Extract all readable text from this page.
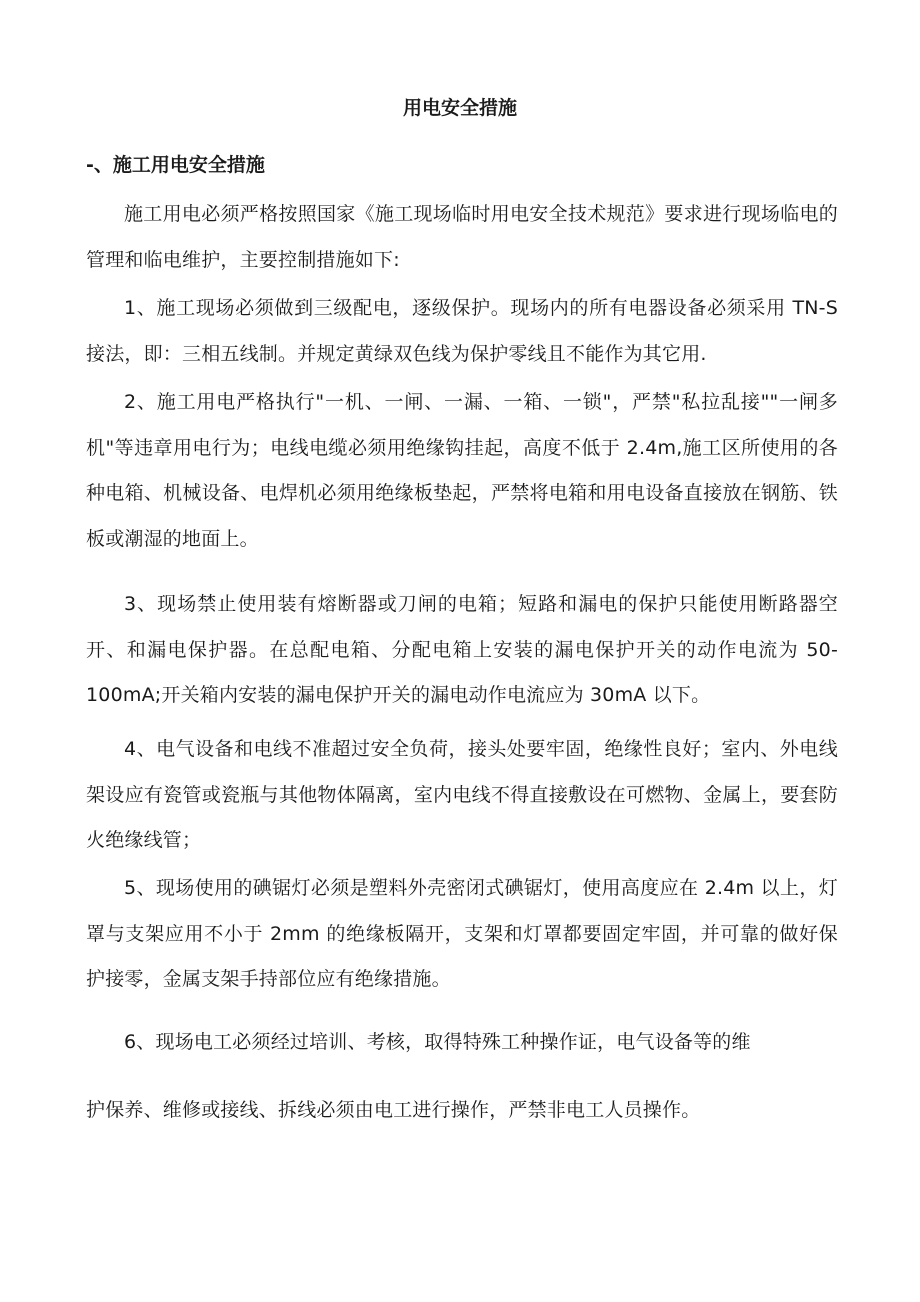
用电安全措施
-、施工用电安全措施

施工用电必须严格按照国家《施工现场临时用电安全技术规范》要求进行现场临电的管理和临电维护，主要控制措施如下:

1、施工现场必须做到三级配电，逐级保护。现场内的所有电器设备必须采用 TN-S 接法，即：三相五线制。并规定黄绿双色线为保护零线且不能作为其它用.

2、施工用电严格执行"一机、一闸、一漏、一箱、一锁"，严禁"私拉乱接""一闸多机"等违章用电行为；电线电缆必须用绝缘钩挂起，高度不低于 2.4m,施工区所使用的各种电箱、机械设备、电焊机必须用绝缘板垫起，严禁将电箱和用电设备直接放在钢筋、铁板或潮湿的地面上。

3、现场禁止使用装有熔断器或刀闸的电箱；短路和漏电的保护只能使用断路器空开、和漏电保护器。在总配电箱、分配电箱上安装的漏电保护开关的动作电流为 50-100mA;开关箱内安装的漏电保护开关的漏电动作电流应为 30mA 以下。

4、电气设备和电线不准超过安全负荷，接头处要牢固，绝缘性良好；室内、外电线架设应有瓷管或瓷瓶与其他物体隔离，室内电线不得直接敷设在可燃物、金属上，要套防火绝缘线管；

5、现场使用的碘锯灯必须是塑料外壳密闭式碘锯灯，使用高度应在 2.4m 以上，灯罩与支架应用不小于 2mm 的绝缘板隔开，支架和灯罩都要固定牢固，并可靠的做好保护接零，金属支架手持部位应有绝缘措施。

6、现场电工必须经过培训、考核，取得特殊工种操作证，电气设备等的维

护保养、维修或接线、拆线必须由电工进行操作，严禁非电工人员操作。
